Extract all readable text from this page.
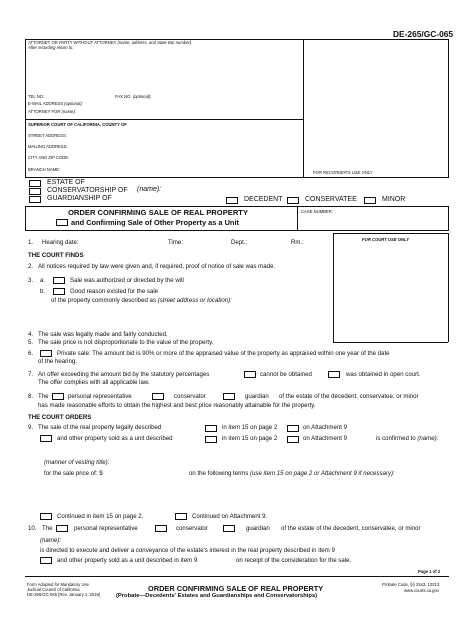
DE-265/GC-065
ATTORNEY OR PARTY WITHOUT ATTORNEY (name, address, and State Bar number):
After recording return to:
TEL NO.:	FAX NO. (optional):
E-MAIL ADDRESS (optional):
ATTORNEY FOR (name):
SUPERIOR COURT OF CALIFORNIA, COUNTY OF
STREET ADDRESS:
MAILING ADDRESS:
CITY AND ZIP CODE:
BRANCH NAME:
FOR RECORDER'S USE ONLY
ESTATE OF
CONSERVATORSHIP OF
GUARDIANSHIP OF
(name):
DECEDENT	CONSERVATEE	MINOR
ORDER CONFIRMING SALE OF REAL PROPERTY
and Confirming Sale of Other Property as a Unit
CASE NUMBER:
FOR COURT USE ONLY
1. Hearing date:	Time:	Dept.:	Rm.:
THE COURT FINDS
2. All notices required by law were given and, if required, proof of notice of sale was made.
3. a.	Sale was authorized or directed by the will
b.	Good reason existed for the sale
of the property commonly described as (street address or location):
4. The sale was legally made and fairly conducted.
5. The sale price is not disproportionate to the value of the property.
6.	Private sale: The amount bid is 90% or more of the appraised value of the property as appraised within one year of the date
of the hearing.
7. An offer exceeding the amount bid by the statutory percentages	cannot be obtained	was obtained in open court.
The offer complies with all applicable law.
8. The	personal representative	conservator	guardian of the estate of the decedent, conservatee, or minor
has made reasonable efforts to obtain the highest and best price reasonably attainable for the property.
THE COURT ORDERS
9. The sale of the real property legally described	in item 15 on page 2	on Attachment 9
and other property sold as a unit described	in item 15 on page 2	on Attachment 9	is confirmed to (name):
(manner of vesting title):
for the sale price of: $	on the following terms (use item 15 on page 2 or Attachment 9 if necessary):
Continued in item 15 on page 2.	Continued on Attachment 9.
10. The	personal representative	conservator	guardian of the estate of the decedent, conservatee, or minor
(name):
is directed to execute and deliver a conveyance of the estate's interest in the real property described in item 9
and other property sold as a unit described in item 9	on receipt of the consideration for the sale.
Page 1 of 2
Form Adopted for Mandatory Use
Judicial Council of California
DE-265/GC-065 [Rev. January 1, 2018]
ORDER CONFIRMING SALE OF REAL PROPERTY
(Probate—Decedents' Estates and Guardianships and Conservatorships)
Probate Code, §§ 2543, 10313
www.courts.ca.gov
